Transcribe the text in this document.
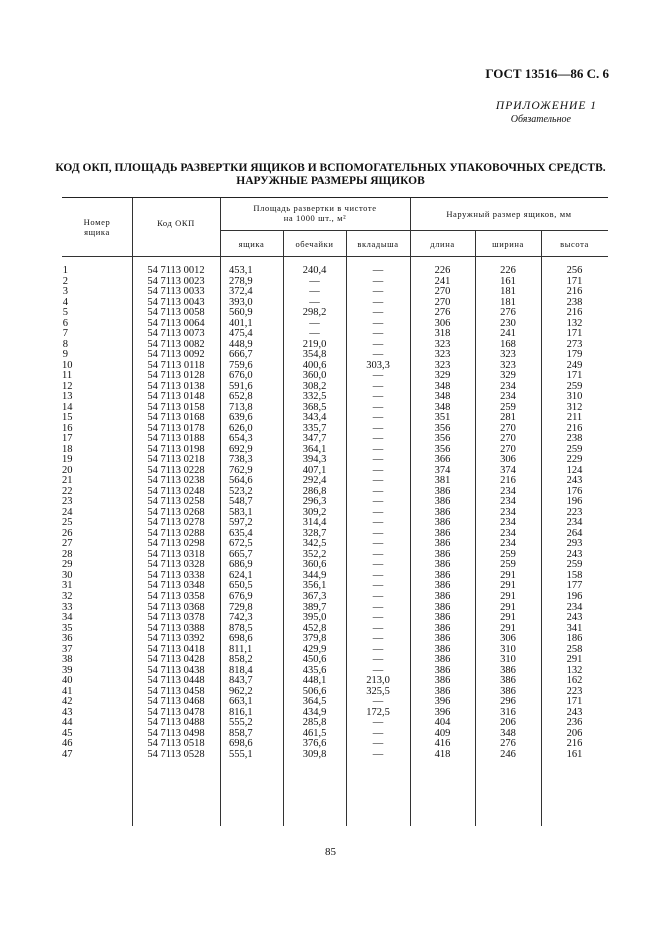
ГОСТ 13516—86 С. 6
ПРИЛОЖЕНИЕ 1
Обязательное
КОД ОКП, ПЛОЩАДЬ РАЗВЕРТКИ ЯЩИКОВ И ВСПОМОГАТЕЛЬНЫХ УПАКОВОЧНЫХ СРЕДСТВ.
НАРУЖНЫЕ РАЗМЕРЫ ЯЩИКОВ
Номер
ящика
Код ОКП
Площадь развертки в чистоте
на 1000 шт., м²	Наружный размер ящиков, мм
ящика	обечайки	вкладыша	длина	ширина	высота
1	54 7113 0012	453,1	240,4	—	226	226	256
2	54 7113 0023	278,9	—	—	241	161	171
3	54 7113 0033	372,4	—	—	270	181	216
4	54 7113 0043	393,0	—	—	270	181	238
5	54 7113 0058	560,9	298,2	—	276	276	216
6	54 7113 0064	401,1	—	—	306	230	132
7	54 7113 0073	475,4	—	—	318	241	171
8	54 7113 0082	448,9	219,0	—	323	168	273
9	54 7113 0092	666,7	354,8	—	323	323	179
10	54 7113 0118	759,6	400,6	303,3	323	323	249
11	54 7113 0128	676,0	360,0	—	329	329	171
12	54 7113 0138	591,6	308,2	—	348	234	259
13	54 7113 0148	652,8	332,5	—	348	234	310
14	54 7113 0158	713,8	368,5	—	348	259	312
15	54 7113 0168	639,6	343,4	—	351	281	211
16	54 7113 0178	626,0	335,7	—	356	270	216
17	54 7113 0188	654,3	347,7	—	356	270	238
18	54 7113 0198	692,9	364,1	—	356	270	259
19	54 7113 0218	738,3	394,3	—	366	306	229
20	54 7113 0228	762,9	407,1	—	374	374	124
21	54 7113 0238	564,6	292,4	—	381	216	243
22	54 7113 0248	523,2	286,8	—	386	234	176
23	54 7113 0258	548,7	296,3	—	386	234	196
24	54 7113 0268	583,1	309,2	—	386	234	223
25	54 7113 0278	597,2	314,4	—	386	234	234
26	54 7113 0288	635,4	328,7	—	386	234	264
27	54 7113 0298	672,5	342,5	—	386	234	293
28	54 7113 0318	665,7	352,2	—	386	259	243
29	54 7113 0328	686,9	360,6	—	386	259	259
30	54 7113 0338	624,1	344,9	—	386	291	158
31	54 7113 0348	650,5	356,1	—	386	291	177
32	54 7113 0358	676,9	367,3	—	386	291	196
33	54 7113 0368	729,8	389,7	—	386	291	234
34	54 7113 0378	742,3	395,0	—	386	291	243
35	54 7113 0388	878,5	452,8	—	386	291	341
36	54 7113 0392	698,6	379,8	—	386	306	186
37	54 7113 0418	811,1	429,9	—	386	310	258
38	54 7113 0428	858,2	450,6	—	386	310	291
39	54 7113 0438	818,4	435,6	—	386	386	132
40	54 7113 0448	843,7	448,1	213,0	386	386	162
41	54 7113 0458	962,2	506,6	325,5	386	386	223
42	54 7113 0468	663,1	364,5	—	396	296	171
43	54 7113 0478	816,1	434,9	172,5	396	316	243
44	54 7113 0488	555,2	285,8	—	404	206	236
45	54 7113 0498	858,7	461,5	—	409	348	206
46	54 7113 0518	698,6	376,6	—	416	276	216
47	54 7113 0528	555,1	309,8	—	418	246	161
85
